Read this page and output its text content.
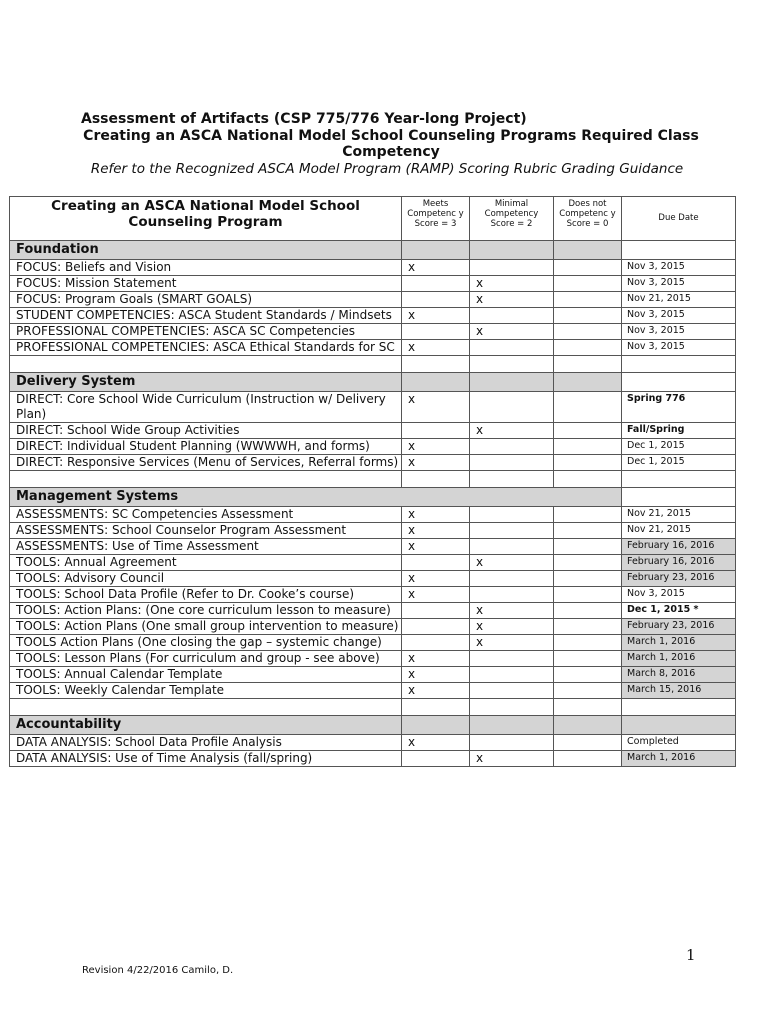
Assessment of Artifacts (CSP 775/776 Year-long Project)
Creating an ASCA National Model School Counseling Programs Required Class Competency
Refer to the Recognized ASCA Model Program (RAMP) Scoring Rubric Grading Guidance
Creating an ASCA National Model School Counseling Program	Meets Competenc y Score = 3	Minimal Competency Score = 2	Does not Competenc y Score = 0	Due Date
Foundation				
FOCUS: Beliefs and Vision	x			Nov 3, 2015
FOCUS: Mission Statement		x		Nov 3, 2015
FOCUS: Program Goals (SMART GOALS)		x		Nov 21, 2015
STUDENT COMPETENCIES: ASCA Student Standards / Mindsets	x			Nov 3, 2015
PROFESSIONAL COMPETENCIES: ASCA SC Competencies		x		Nov 3, 2015
PROFESSIONAL COMPETENCIES: ASCA Ethical Standards for SC	x			Nov 3, 2015

Delivery System				
DIRECT: Core School Wide Curriculum (Instruction w/ Delivery Plan)	x			Spring 776
DIRECT: School Wide Group Activities		x		Fall/Spring
DIRECT: Individual Student Planning (WWWWH, and forms)	x			Dec 1, 2015
DIRECT: Responsive Services (Menu of Services, Referral forms)	x			Dec 1, 2015

Management Systems				
ASSESSMENTS: SC Competencies Assessment	x			Nov 21, 2015
ASSESSMENTS: School Counselor Program Assessment	x			Nov 21, 2015
ASSESSMENTS: Use of Time Assessment	x			February 16, 2016
TOOLS: Annual Agreement		x		February 16, 2016
TOOLS: Advisory Council	x			February 23, 2016
TOOLS: School Data Profile (Refer to Dr. Cooke’s course)	x			Nov 3, 2015
TOOLS: Action Plans: (One core curriculum lesson to measure)		x		Dec 1, 2015 *
TOOLS: Action Plans (One small group intervention to measure)		x		February 23, 2016
TOOLS Action Plans (One closing the gap – systemic change)		x		March 1, 2016
TOOLS: Lesson Plans (For curriculum and group - see above)	x			March 1, 2016
TOOLS: Annual Calendar Template	x			March 8, 2016
TOOLS: Weekly Calendar Template	x			March 15, 2016

Accountability				
DATA ANALYSIS: School Data Profile Analysis	x			Completed
DATA ANALYSIS: Use of Time Analysis (fall/spring)		x		March 1, 2016
1
Revision 4/22/2016 Camilo, D.
